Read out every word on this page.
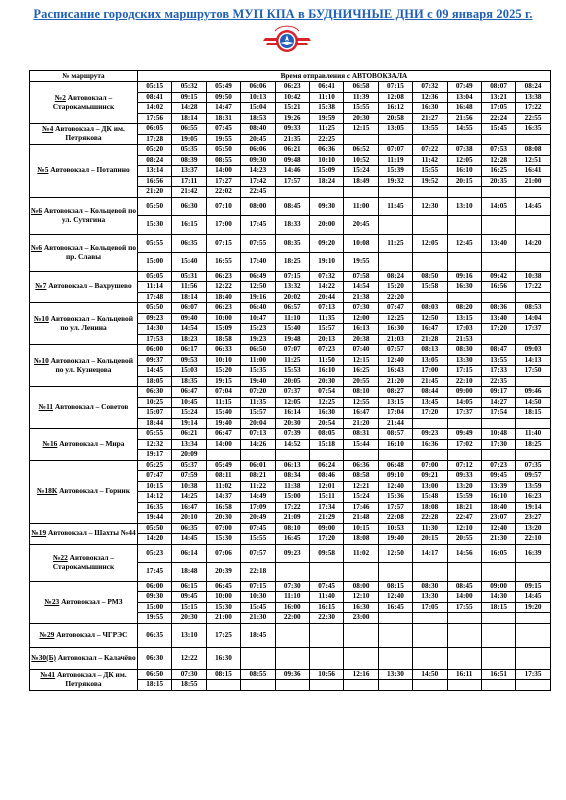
Расписание городских маршрутов МУП КПА в БУДНИЧНЫЕ ДНИ с 09 января 2025 г.
№ маршрута	Время отправления с АВТОВОКЗАЛА											
№2 Автовокзал – Старокамышинск	05:15	05:32	05:49	06:06	06:23	06:41	06:58	07:15	07:32	07:49	08:07	08:24
	08:41	09:15	09:50	10:13	10:42	11:10	11:39	12:08	12:36	13:04	13:21	13:38
	14:02	14:28	14:47	15:04	15:21	15:38	15:55	16:12	16:30	16:48	17:05	17:22
	17:56	18:14	18:31	18:53	19:26	19:59	20:30	20:58	21:27	21:56	22:24	22:55
№4 Автовокзал – ДК им. Петрякова	06:05	06:55	07:45	08:40	09:33	11:25	12:15	13:05	13:55	14:55	15:45	16:35
	17:28	19:05	19:55	20:45	21:35	22:25						
№5 Автовокзал – Потапино	05:20	05:35	05:50	06:06	06:21	06:36	06:52	07:07	07:22	07:38	07:53	08:08
	08:24	08:39	08:55	09:30	09:48	10:10	10:52	11:19	11:42	12:05	12:28	12:51
	13:14	13:37	14:00	14:23	14:46	15:09	15:24	15:39	15:55	16:10	16:25	16:41
	16:56	17:11	17:27	17:42	17:57	18:24	18:49	19:32	19:52	20:15	20:35	21:00
	21:20	21:42	22:02	22:45								
№6 Автовокзал – Кольцевой по ул. Сутягина	05:50	06:30	07:10	08:00	08:45	09:30	11:00	11:45	12:30	13:10	14:05	14:45
	15:30	16:15	17:00	17:45	18:33	20:00	20:45					
№6 Автовокзал – Кольцевой по пр. Славы	05:55	06:35	07:15	07:55	08:35	09:20	10:08	11:25	12:05	12:45	13:40	14:20
	15:00	15:40	16:55	17:40	18:25	19:10	19:55					
№7 Автовокзал – Вахрушево	05:05	05:31	06:23	06:49	07:15	07:32	07:58	08:24	08:50	09:16	09:42	10:38
	11:14	11:56	12:22	12:50	13:32	14:22	14:54	15:20	15:58	16:30	16:56	17:22
	17:48	18:14	18:40	19:16	20:02	20:44	21:38	22:20				
№10 Автовокзал – Кольцевой по ул. Ленина	05:50	06:07	06:23	06:40	06:57	07:13	07:30	07:47	08:03	08:20	08:36	08:53
	09:23	09:40	10:00	10:47	11:10	11:35	12:00	12:25	12:50	13:15	13:40	14:04
	14:30	14:54	15:09	15:23	15:40	15:57	16:13	16:30	16:47	17:03	17:20	17:37
	17:53	18:23	18:58	19:23	19:48	20:13	20:38	21:03	21:28	21:53		
№10 Автовокзал – Кольцевой по ул. Кузнецова	06:00	06:17	06:33	06:50	07:07	07:23	07:40	07:57	08:13	08:30	08:47	09:03
	09:37	09:53	10:10	11:00	11:25	11:50	12:15	12:40	13:05	13:30	13:55	14:13
	14:45	15:03	15:20	15:35	15:53	16:10	16:25	16:43	17:00	17:15	17:33	17:50
	18:05	18:35	19:15	19:40	20:05	20:30	20:55	21:20	21:45	22:10	22:35	
№11 Автовокзал – Советов	06:30	06:47	07:04	07:20	07:37	07:54	08:10	08:27	08:44	09:00	09:17	09:46
	10:25	10:45	11:15	11:35	12:05	12:25	12:55	13:15	13:45	14:05	14:27	14:50
	15:07	15:24	15:40	15:57	16:14	16:30	16:47	17:04	17:20	17:37	17:54	18:15
	18:44	19:14	19:40	20:04	20:30	20:54	21:20	21:44				
№16 Автовокзал – Мира	05:55	06:21	06:47	07:13	07:39	08:05	08:31	08:57	09:23	09:49	10:48	11:40
	12:32	13:34	14:00	14:26	14:52	15:18	15:44	16:10	16:36	17:02	17:30	18:25
	19:17	20:09										
№18К Автовокзал – Горник	05:25	05:37	05:49	06:01	06:13	06:24	06:36	06:48	07:00	07:12	07:23	07:35
	07:47	07:59	08:11	08:21	08:34	08:46	08:58	09:10	09:21	09:33	09:45	09:57
	10:15	10:38	11:02	11:22	11:38	12:01	12:21	12:40	13:00	13:20	13:39	13:59
	14:12	14:25	14:37	14:49	15:00	15:11	15:24	15:36	15:48	15:59	16:10	16:23
	16:35	16:47	16:58	17:09	17:22	17:34	17:46	17:57	18:08	18:21	18:40	19:14
	19:44	20:10	20:30	20:49	21:09	21:29	21:48	22:08	22:28	22:47	23:07	23:27
№19 Автовокзал – Шахты №44	05:50	06:35	07:00	07:45	08:10	09:00	10:15	10:53	11:30	12:10	12:40	13:20
	14:20	14:45	15:30	15:55	16:45	17:20	18:08	19:40	20:15	20:55	21:30	22:10
№22 Автовокзал – Старокамышинск	05:23	06:14	07:06	07:57	09:23	09:58	11:02	12:50	14:17	14:56	16:05	16:39
	17:45	18:48	20:39	22:18								
№23 Автовокзал – РМЗ	06:00	06:15	06:45	07:15	07:30	07:45	08:00	08:15	08:30	08:45	09:00	09:15
	09:30	09:45	10:00	10:30	11:10	11:40	12:10	12:40	13:30	14:00	14:30	14:45
	15:00	15:15	15:30	15:45	16:00	16:15	16:30	16:45	17:05	17:55	18:15	19:20
	19:55	20:30	21:00	21:30	22:00	22:30	23:00					
№29 Автовокзал – ЧГРЭС	06:35	13:10	17:25	18:45								
№30(Б) Автовокзал – Калачёво	06:30	12:22	16:30									
№41 Автовокзал – ДК им. Петрякова	06:50	07:30	08:15	08:55	09:36	10:56	12:16	13:30	14:50	16:11	16:51	17:35
	18:15	18:55										
